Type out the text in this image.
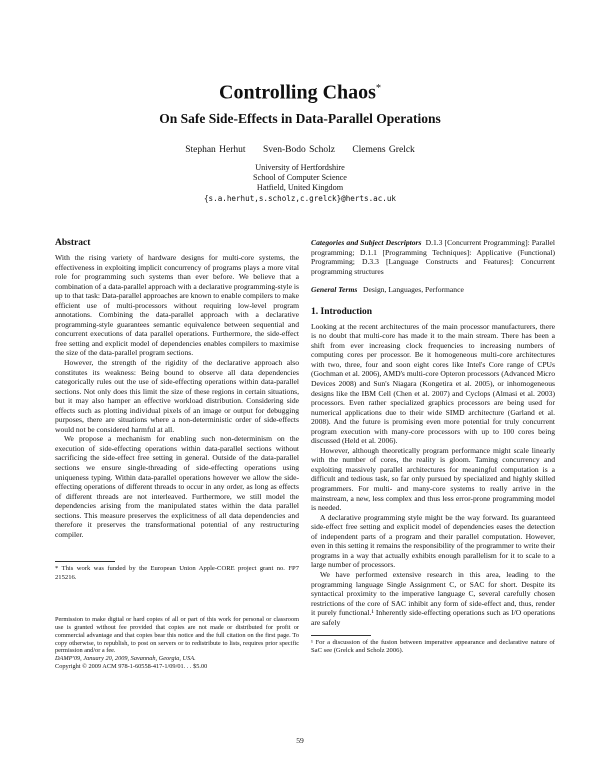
Controlling Chaos*
On Safe Side-Effects in Data-Parallel Operations
Stephan Herhut Sven-Bodo Scholz Clemens Grelck
University of Hertfordshire
School of Computer Science
Hatfield, United Kingdom
{s.a.herhut,s.scholz,c.grelck}@herts.ac.uk
Abstract

With the rising variety of hardware designs for multi-core systems, the effectiveness in exploiting implicit concurrency of programs plays a more vital role for programming such systems than ever before. We believe that a combination of a data-parallel approach with a declarative programming-style is up to that task: Data-parallel approaches are known to enable compilers to make efficient use of multi-processors without requiring low-level program annotations. Combining the data-parallel approach with a declarative programming-style guarantees semantic equivalence between sequential and concurrent executions of data parallel operations. Furthermore, the side-effect free setting and explicit model of dependencies enables compilers to maximise the size of the data-parallel program sections.

However, the strength of the rigidity of the declarative approach also constitutes its weakness: Being bound to observe all data dependencies categorically rules out the use of side-effecting operations within data-parallel sections. Not only does this limit the size of these regions in certain situations, but it may also hamper an effective workload distribution. Considering side effects such as plotting individual pixels of an image or output for debugging purposes, there are situations where a non-deterministic order of side-effects would not be considered harmful at all.

We propose a mechanism for enabling such non-determinism on the execution of side-effecting operations within data-parallel sections without sacrificing the side-effect free setting in general. Outside of the data-parallel sections we ensure single-threading of side-effecting operations using uniqueness typing. Within data-parallel operations however we allow the side-effecting operations of different threads to occur in any order, as long as effects of different threads are not interleaved. Furthermore, we still model the dependencies arising from the manipulated states within the data parallel sections. This measure preserves the explicitness of all data dependencies and therefore it preserves the transformational potential of any restructuring compiler.

* This work was funded by the European Union Apple-CORE project grant no. FP7 215216.
Permission to make digital or hard copies of all or part of this work for personal or classroom use is granted without fee provided that copies are not made or distributed for profit or commercial advantage and that copies bear this notice and the full citation on the first page. To copy otherwise, to republish, to post on servers or to redistribute to lists, requires prior specific permission and/or a fee.
DAMP'09, January 20, 2009, Savannah, Georgia, USA.
Copyright © 2009 ACM 978-1-60558-417-1/09/01. . . $5.00

Categories and Subject Descriptors D.1.3 [Concurrent Programming]: Parallel programming; D.1.1 [Programming Techniques]: Applicative (Functional) Programming; D.3.3 [Language Constructs and Features]: Concurrent programming structures

General Terms Design, Languages, Performance

1. Introduction

Looking at the recent architectures of the main processor manufacturers, there is no doubt that multi-core has made it to the main stream. There has been a shift from ever increasing clock frequencies to increasing numbers of computing cores per processor. Be it homogeneous multi-core architectures with two, three, four and soon eight cores like Intel's Core range of CPUs (Gochman et al. 2006), AMD's multi-core Opteron processors (Advanced Micro Devices 2008) and Sun's Niagara (Kongetira et al. 2005), or inhomogeneous designs like the IBM Cell (Chen et al. 2007) and Cyclops (Almasi et al. 2003) processors. Even rather specialized graphics processors are being used for numerical applications due to their wide SIMD architecture (Garland et al. 2008). And the future is promising even more potential for truly concurrent program execution with many-core processors with up to 100 cores being discussed (Held et al. 2006).

However, although theoretically program performance might scale linearly with the number of cores, the reality is gloom. Taming concurrency and exploiting massively parallel architectures for meaningful computation is a difficult and tedious task, so far only pursued by specialized and highly skilled programmers. For multi- and many-core systems to really arrive in the mainstream, a new, less complex and thus less error-prone programming model is needed.

A declarative programming style might be the way forward. Its guaranteed side-effect free setting and explicit model of dependencies eases the detection of independent parts of a program and their parallel computation. However, even in this setting it remains the responsibility of the programmer to write their programs in a way that actually exhibits enough parallelism for it to scale to a large number of processors.

We have performed extensive research in this area, leading to the programming language Single Assignment C, or SAC for short. Despite its syntactical proximity to the imperative language C, several carefully chosen restrictions of the core of SAC inhibit any form of side-effect and, thus, render it purely functional.¹ Inherently side-effecting operations such as I/O operations are safely

¹ For a discussion of the fusion between imperative appearance and declarative nature of SaC see (Grelck and Scholz 2006).
59
